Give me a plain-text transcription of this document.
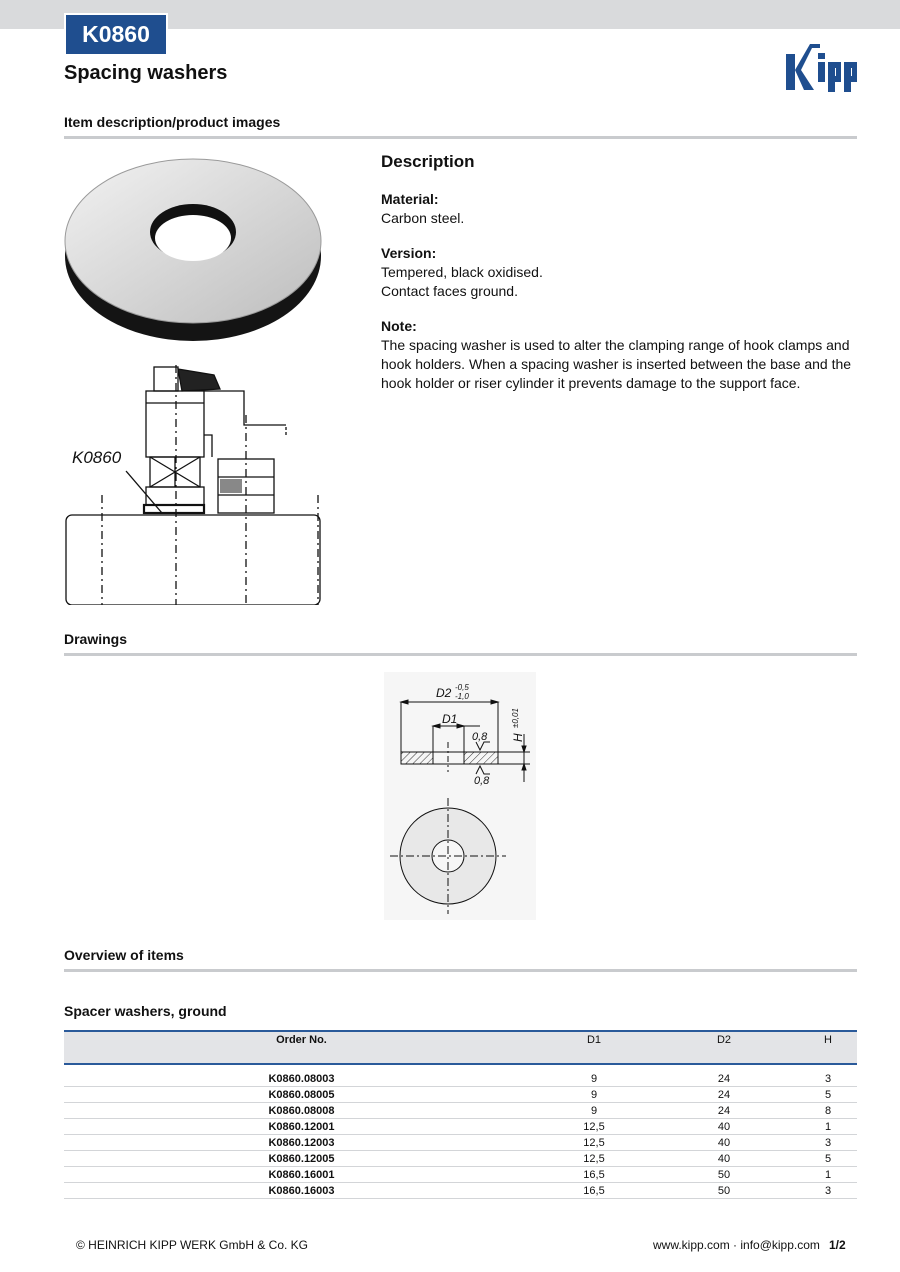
K0860
Spacing washers
Item description/product images
K0860
Description

Material:

Carbon steel.

Version:

Tempered, black oxidised.

Contact faces ground.

Note:

The spacing washer is used to alter the clamping range of hook clamps and hook holders. When a spacing washer is inserted between the base and the hook holder or riser cylinder it prevents damage to the support face.

Drawings
D2 -0,5
-1,0
D1
0,8
0,8
H
±0,01
Overview of items
Spacer washers, ground
Order No.	D1	D2	H
K0860.08003	9	24	3
K0860.08005	9	24	5
K0860.08008	9	24	8
K0860.12001	12,5	40	1
K0860.12003	12,5	40	3
K0860.12005	12,5	40	5
K0860.16001	16,5	50	1
K0860.16003	16,5	50	3
© HEINRICH KIPP WERK GmbH & Co. KG	www.kipp.com · info@kipp.com 1/2
